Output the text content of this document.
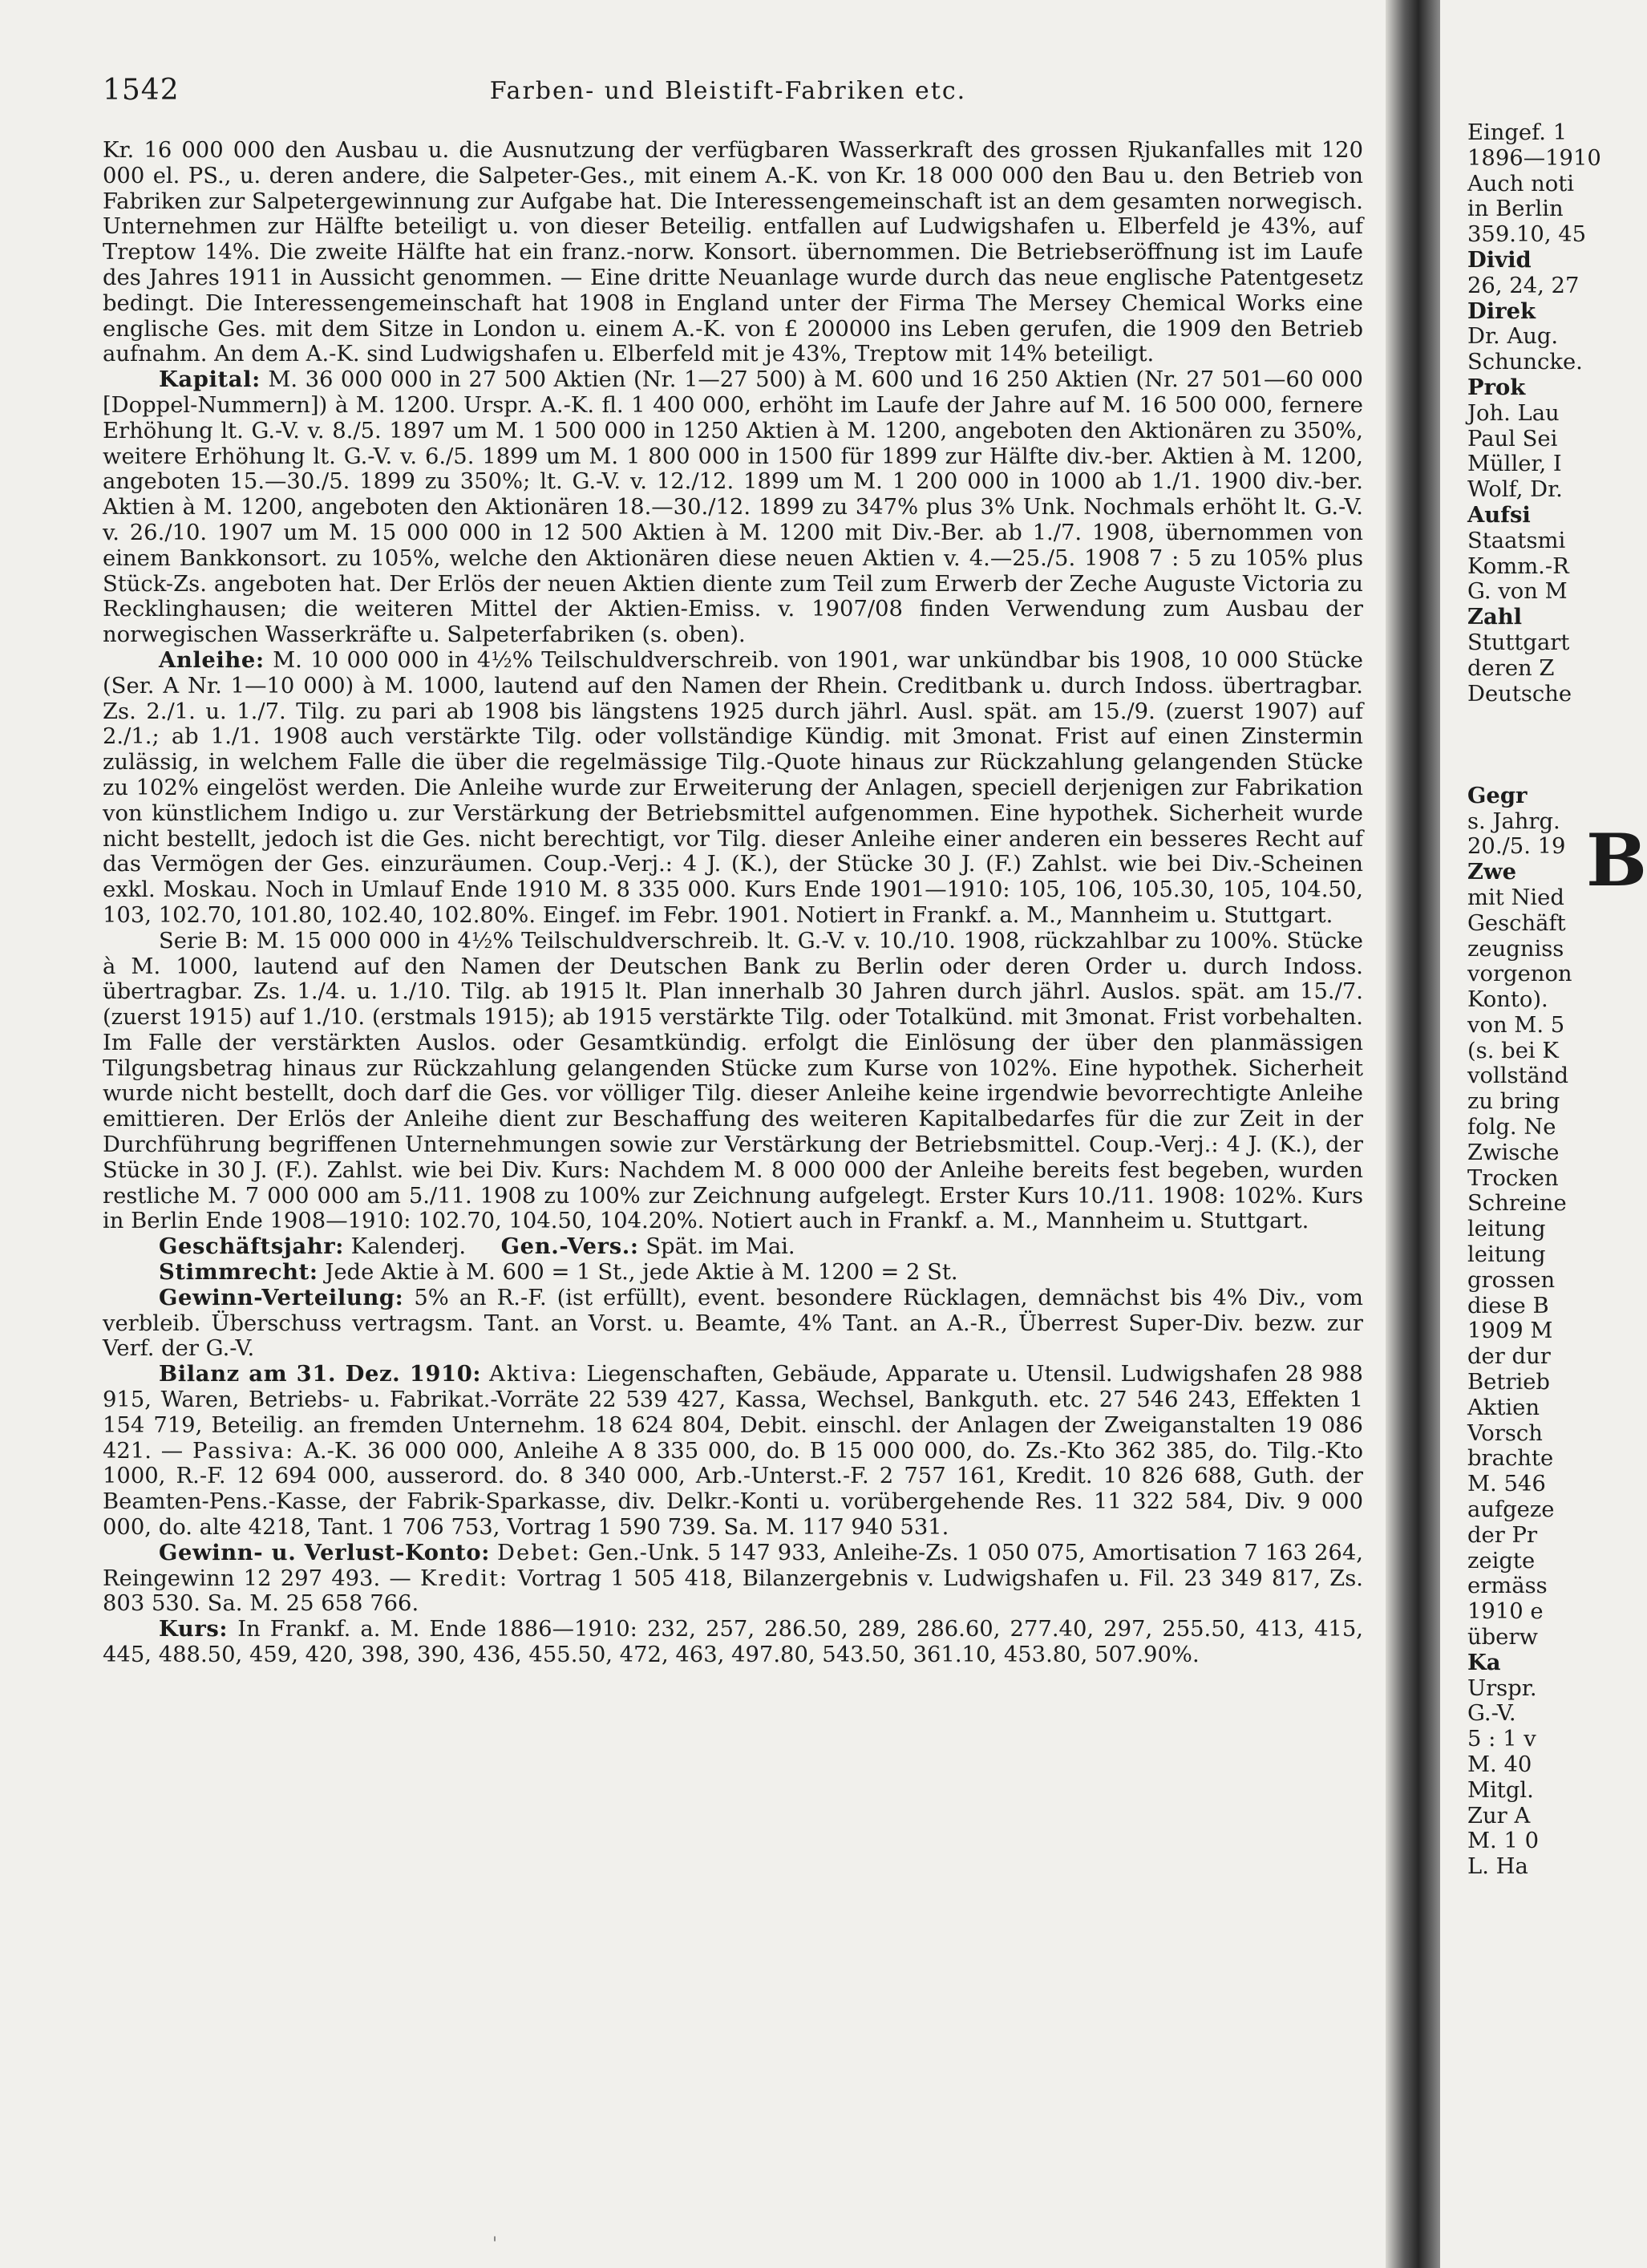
1542	Farben- und Bleistift-Fabriken etc.

Kr. 16 000 000 den Ausbau u. die Ausnutzung der verfügbaren Wasserkraft des grossen Rjukanfalles mit 120 000 el. PS., u. deren andere, die Salpeter-Ges., mit einem A.-K. von Kr. 18 000 000 den Bau u. den Betrieb von Fabriken zur Salpetergewinnung zur Aufgabe hat. Die Interessengemeinschaft ist an dem gesamten norwegisch. Unternehmen zur Hälfte beteiligt u. von dieser Beteilig. entfallen auf Ludwigshafen u. Elberfeld je 43%, auf Treptow 14%. Die zweite Hälfte hat ein franz.-norw. Konsort. übernommen. Die Betriebseröffnung ist im Laufe des Jahres 1911 in Aussicht genommen. — Eine dritte Neuanlage wurde durch das neue englische Patentgesetz bedingt. Die Interessengemeinschaft hat 1908 in England unter der Firma The Mersey Chemical Works eine englische Ges. mit dem Sitze in London u. einem A.-K. von £ 200000 ins Leben gerufen, die 1909 den Betrieb aufnahm. An dem A.-K. sind Ludwigshafen u. Elberfeld mit je 43%, Treptow mit 14% beteiligt.

Kapital: M. 36 000 000 in 27 500 Aktien (Nr. 1—27 500) à M. 600 und 16 250 Aktien (Nr. 27 501—60 000 [Doppel-Nummern]) à M. 1200. Urspr. A.-K. fl. 1 400 000, erhöht im Laufe der Jahre auf M. 16 500 000, fernere Erhöhung lt. G.-V. v. 8./5. 1897 um M. 1 500 000 in 1250 Aktien à M. 1200, angeboten den Aktionären zu 350%, weitere Erhöhung lt. G.-V. v. 6./5. 1899 um M. 1 800 000 in 1500 für 1899 zur Hälfte div.-ber. Aktien à M. 1200, angeboten 15.—30./5. 1899 zu 350%; lt. G.-V. v. 12./12. 1899 um M. 1 200 000 in 1000 ab 1./1. 1900 div.-ber. Aktien à M. 1200, angeboten den Aktionären 18.—30./12. 1899 zu 347% plus 3% Unk. Nochmals erhöht lt. G.-V. v. 26./10. 1907 um M. 15 000 000 in 12 500 Aktien à M. 1200 mit Div.-Ber. ab 1./7. 1908, übernommen von einem Bankkonsort. zu 105%, welche den Aktionären diese neuen Aktien v. 4.—25./5. 1908 7 : 5 zu 105% plus Stück-Zs. angeboten hat. Der Erlös der neuen Aktien diente zum Teil zum Erwerb der Zeche Auguste Victoria zu Recklinghausen; die weiteren Mittel der Aktien-Emiss. v. 1907/08 finden Verwendung zum Ausbau der norwegischen Wasserkräfte u. Salpeterfabriken (s. oben).

Anleihe: M. 10 000 000 in 4½% Teilschuldverschreib. von 1901, war unkündbar bis 1908, 10 000 Stücke (Ser. A Nr. 1—10 000) à M. 1000, lautend auf den Namen der Rhein. Creditbank u. durch Indoss. übertragbar. Zs. 2./1. u. 1./7. Tilg. zu pari ab 1908 bis längstens 1925 durch jährl. Ausl. spät. am 15./9. (zuerst 1907) auf 2./1.; ab 1./1. 1908 auch verstärkte Tilg. oder vollständige Kündig. mit 3monat. Frist auf einen Zinstermin zulässig, in welchem Falle die über die regelmässige Tilg.-Quote hinaus zur Rückzahlung gelangenden Stücke zu 102% eingelöst werden. Die Anleihe wurde zur Erweiterung der Anlagen, speciell derjenigen zur Fabrikation von künstlichem Indigo u. zur Verstärkung der Betriebsmittel aufgenommen. Eine hypothek. Sicherheit wurde nicht bestellt, jedoch ist die Ges. nicht berechtigt, vor Tilg. dieser Anleihe einer anderen ein besseres Recht auf das Vermögen der Ges. einzuräumen. Coup.-Verj.: 4 J. (K.), der Stücke 30 J. (F.) Zahlst. wie bei Div.-Scheinen exkl. Moskau. Noch in Umlauf Ende 1910 M. 8 335 000. Kurs Ende 1901—1910: 105, 106, 105.30, 105, 104.50, 103, 102.70, 101.80, 102.40, 102.80%. Eingef. im Febr. 1901. Notiert in Frankf. a. M., Mannheim u. Stuttgart.

Serie B: M. 15 000 000 in 4½% Teilschuldverschreib. lt. G.-V. v. 10./10. 1908, rückzahlbar zu 100%. Stücke à M. 1000, lautend auf den Namen der Deutschen Bank zu Berlin oder deren Order u. durch Indoss. übertragbar. Zs. 1./4. u. 1./10. Tilg. ab 1915 lt. Plan innerhalb 30 Jahren durch jährl. Auslos. spät. am 15./7. (zuerst 1915) auf 1./10. (erstmals 1915); ab 1915 verstärkte Tilg. oder Totalkünd. mit 3monat. Frist vorbehalten. Im Falle der verstärkten Auslos. oder Gesamtkündig. erfolgt die Einlösung der über den planmässigen Tilgungsbetrag hinaus zur Rückzahlung gelangenden Stücke zum Kurse von 102%. Eine hypothek. Sicherheit wurde nicht bestellt, doch darf die Ges. vor völliger Tilg. dieser Anleihe keine irgendwie bevorrechtigte Anleihe emittieren. Der Erlös der Anleihe dient zur Beschaffung des weiteren Kapitalbedarfes für die zur Zeit in der Durchführung begriffenen Unternehmungen sowie zur Verstärkung der Betriebsmittel. Coup.-Verj.: 4 J. (K.), der Stücke in 30 J. (F.). Zahlst. wie bei Div. Kurs: Nachdem M. 8 000 000 der Anleihe bereits fest begeben, wurden restliche M. 7 000 000 am 5./11. 1908 zu 100% zur Zeichnung aufgelegt. Erster Kurs 10./11. 1908: 102%. Kurs in Berlin Ende 1908—1910: 102.70, 104.50, 104.20%. Notiert auch in Frankf. a. M., Mannheim u. Stuttgart.

Geschäftsjahr: Kalenderj. Gen.-Vers.: Spät. im Mai.

Stimmrecht: Jede Aktie à M. 600 = 1 St., jede Aktie à M. 1200 = 2 St.

Gewinn-Verteilung: 5% an R.-F. (ist erfüllt), event. besondere Rücklagen, demnächst bis 4% Div., vom verbleib. Überschuss vertragsm. Tant. an Vorst. u. Beamte, 4% Tant. an A.-R., Überrest Super-Div. bezw. zur Verf. der G.-V.

Bilanz am 31. Dez. 1910: Aktiva: Liegenschaften, Gebäude, Apparate u. Utensil. Ludwigshafen 28 988 915, Waren, Betriebs- u. Fabrikat.-Vorräte 22 539 427, Kassa, Wechsel, Bankguth. etc. 27 546 243, Effekten 1 154 719, Beteilig. an fremden Unternehm. 18 624 804, Debit. einschl. der Anlagen der Zweiganstalten 19 086 421. — Passiva: A.-K. 36 000 000, Anleihe A 8 335 000, do. B 15 000 000, do. Zs.-Kto 362 385, do. Tilg.-Kto 1000, R.-F. 12 694 000, ausserord. do. 8 340 000, Arb.-Unterst.-F. 2 757 161, Kredit. 10 826 688, Guth. der Beamten-Pens.-Kasse, der Fabrik-Sparkasse, div. Delkr.-Konti u. vorübergehende Res. 11 322 584, Div. 9 000 000, do. alte 4218, Tant. 1 706 753, Vortrag 1 590 739. Sa. M. 117 940 531.

Gewinn- u. Verlust-Konto: Debet: Gen.-Unk. 5 147 933, Anleihe-Zs. 1 050 075, Amortisation 7 163 264, Reingewinn 12 297 493. — Kredit: Vortrag 1 505 418, Bilanzergebnis v. Ludwigshafen u. Fil. 23 349 817, Zs. 803 530. Sa. M. 25 658 766.

Kurs: In Frankf. a. M. Ende 1886—1910: 232, 257, 286.50, 289, 286.60, 277.40, 297, 255.50, 413, 415, 445, 488.50, 459, 420, 398, 390, 436, 455.50, 472, 463, 497.80, 543.50, 361.10, 453.80, 507.90%.

Eingef. 1
1896—1910
Auch noti
in Berlin
359.10, 45
Divid
26, 24, 27
Direk
Dr. Aug.
Schuncke.
Prok
Joh. Lau
Paul Sei
Müller, I
Wolf, Dr.
Aufsi
Staatsmi
Komm.-R
G. von M
Zahl
Stuttgart
deren Z
Deutsche

Gegr
s. Jahrg.
20./5. 19
Zwe
mit Nied
Geschäft
zeugniss
vorgenon
Konto).
von M. 5
(s. bei K
vollständ
zu bring
folg. Ne
Zwische
Trocken
Schreine
leitung
leitung
grossen
diese B
1909 M
der dur
Betrieb
Aktien
Vorsch
brachte
M. 546
aufgeze
der Pr
zeigte
ermäss
1910 e
überw
Ka
Urspr.
G.-V.
5 : 1 v
M. 40
Mitgl.
Zur A
M. 1 0
L. Ha
B
'
